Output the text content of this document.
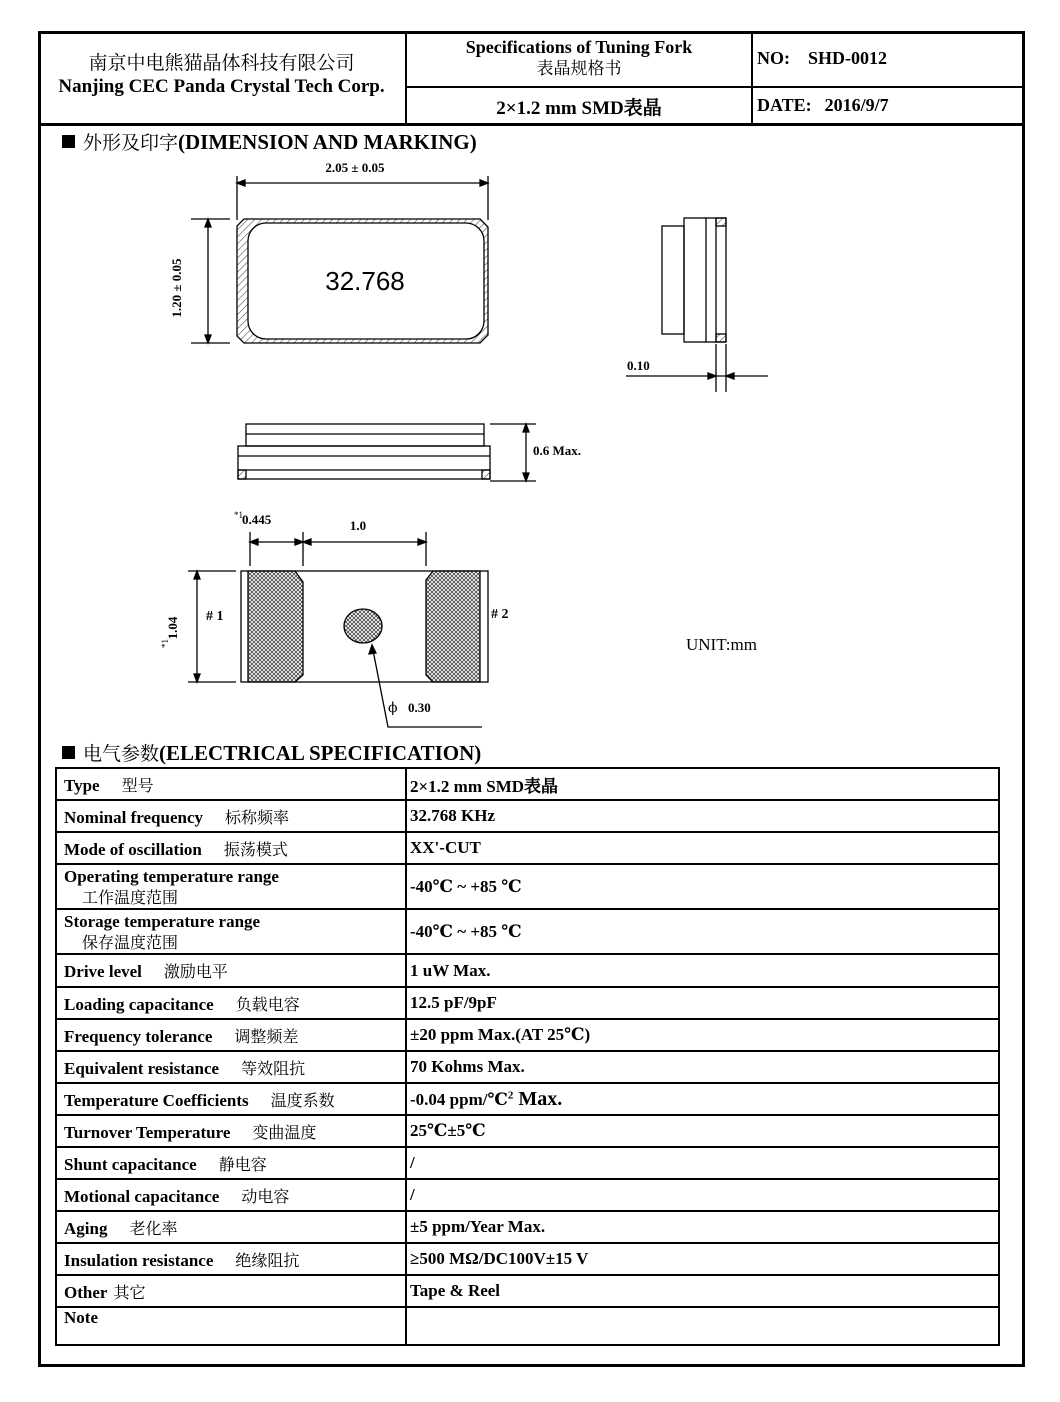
南京中电熊猫晶体科技有限公司
Nanjing CEC Panda Crystal Tech Corp.
Specifications of Tuning Fork
表晶规格书
2×1.2 mm SMD表晶
NO: SHD-0012
DATE: 2016/9/7
外形及印字(DIMENSION AND MARKING)
2.05 ± 0.05
1.20 ± 0.05	32.768
0.10
0.6 Max.
*1 0.445	1.0
1.04
*1
# 1	# 2
ϕ 0.30
UNIT:mm
电气参数(ELECTRICAL SPECIFICATION)
Type 型号	2×1.2 mm SMD表晶
Nominal frequency 标称频率	32.768 KHz
Mode of oscillation 振荡模式	XX'-CUT
Operating temperature range
工作温度范围	-40℃ ~ +85 ℃
Storage temperature range
保存温度范围	-40℃ ~ +85 ℃
Drive level 激励电平	1 uW Max.
Loading capacitance 负载电容	12.5 pF/9pF
Frequency tolerance 调整频差	±20 ppm Max.(AT 25℃)
Equivalent resistance 等效阻抗	70 Kohms Max.
Temperature Coefficients 温度系数	-0.04 ppm/℃$^2$ Max.
Turnover Temperature 变曲温度	25℃±5℃
Shunt capacitance 静电容	/
Motional capacitance 动电容	/
Aging 老化率	±5 ppm/Year Max.
Insulation resistance 绝缘阻抗	≥500 MΩ/DC100V±15 V
Other 其它	Tape & Reel
Note	
